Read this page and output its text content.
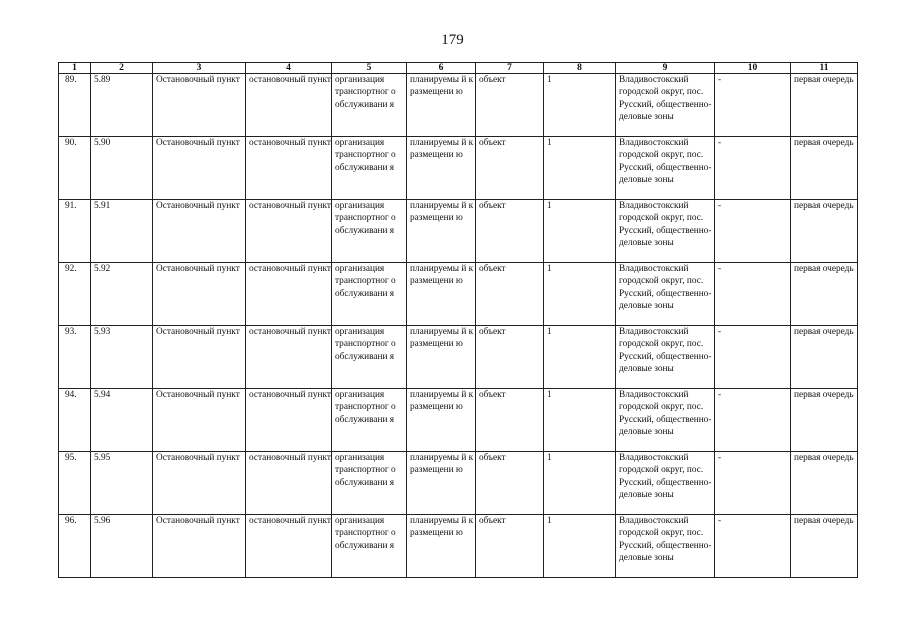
179
1	2	3	4	5	6	7	8	9	10	11
89.	5.89	Остановочный пункт	остановочный пункт	организация транспортног о обслуживани я	планируемы й к размещени ю	объект	1	Владивостокский городской округ, пос. Русский, общественно-деловые зоны	-	первая очередь
90.	5.90	Остановочный пункт	остановочный пункт	организация транспортног о обслуживани я	планируемы й к размещени ю	объект	1	Владивостокский городской округ, пос. Русский, общественно-деловые зоны	-	первая очередь
91.	5.91	Остановочный пункт	остановочный пункт	организация транспортног о обслуживани я	планируемы й к размещени ю	объект	1	Владивостокский городской округ, пос. Русский, общественно-деловые зоны	-	первая очередь
92.	5.92	Остановочный пункт	остановочный пункт	организация транспортног о обслуживани я	планируемы й к размещени ю	объект	1	Владивостокский городской округ, пос. Русский, общественно-деловые зоны	-	первая очередь
93.	5.93	Остановочный пункт	остановочный пункт	организация транспортног о обслуживани я	планируемы й к размещени ю	объект	1	Владивостокский городской округ, пос. Русский, общественно-деловые зоны	-	первая очередь
94.	5.94	Остановочный пункт	остановочный пункт	организация транспортног о обслуживани я	планируемы й к размещени ю	объект	1	Владивостокский городской округ, пос. Русский, общественно-деловые зоны	-	первая очередь
95.	5.95	Остановочный пункт	остановочный пункт	организация транспортног о обслуживани я	планируемы й к размещени ю	объект	1	Владивостокский городской округ, пос. Русский, общественно-деловые зоны	-	первая очередь
96.	5.96	Остановочный пункт	остановочный пункт	организация транспортног о обслуживани я	планируемы й к размещени ю	объект	1	Владивостокский городской округ, пос. Русский, общественно-деловые зоны	-	первая очередь
